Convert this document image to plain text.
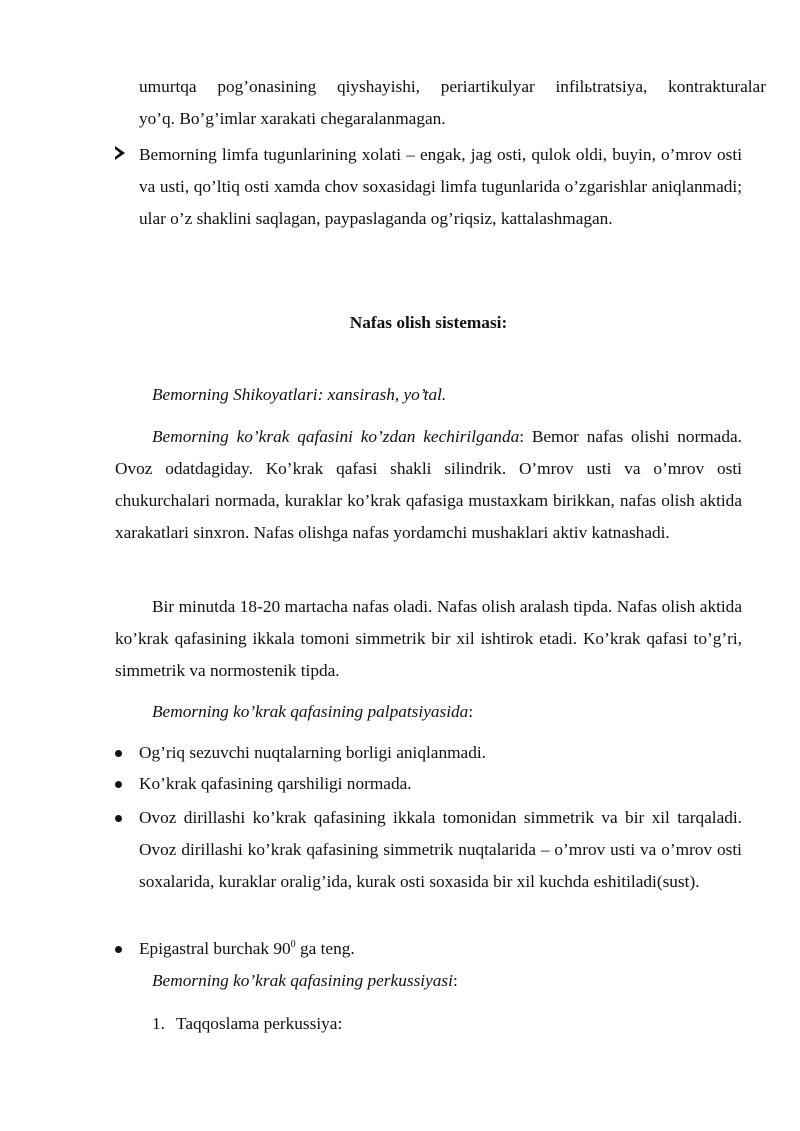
umurtqa pog’onasining qiyshayishi, periartikulyar infilьtratsiya, kontrakturalar
yo’q. Bo’g’imlar xarakati chegaralanmagan.
Bemorning limfa tugunlarining xolati – engak, jag osti, qulok oldi, buyin, o’mrov osti va usti, qo’ltiq osti xamda chov soxasidagi limfa tugunlarida o’zgarishlar aniqlanmadi; ular o’z shaklini saqlagan, paypaslaganda og’riqsiz, kattalashmagan.
Nafas olish sistemasi:
Bemorning Shikoyatlari: xansirash, yo’tal.
Bemorning ko’krak qafasini ko’zdan kechirilganda: Bemor nafas olishi normada. Ovoz odatdagiday. Ko’krak qafasi shakli silindrik. O’mrov usti va o’mrov osti chukurchalari normada, kuraklar ko’krak qafasiga mustaxkam birikkan, nafas olish aktida xarakatlari sinxron. Nafas olishga nafas yordamchi mushaklari aktiv katnashadi.
Bir minutda 18-20 martacha nafas oladi. Nafas olish aralash tipda. Nafas olish aktida ko’krak qafasining ikkala tomoni simmetrik bir xil ishtirok etadi. Ko’krak qafasi to’g’ri, simmetrik va normostenik tipda.
Bemorning ko’krak qafasining palpatsiyasida:
Og’riq sezuvchi nuqtalarning borligi aniqlanmadi.
Ko’krak qafasining qarshiligi normada.
Ovoz dirillashi ko’krak qafasining ikkala tomonidan simmetrik va bir xil tarqaladi. Ovoz dirillashi ko’krak qafasining simmetrik nuqtalarida – o’mrov usti va o’mrov osti soxalarida, kuraklar oralig’ida, kurak osti soxasida bir xil kuchda eshitiladi(sust).
Epigastral burchak $90^0$ ga teng.
Bemorning ko’krak qafasining perkussiyasi:
1. Taqqoslama perkussiya:
